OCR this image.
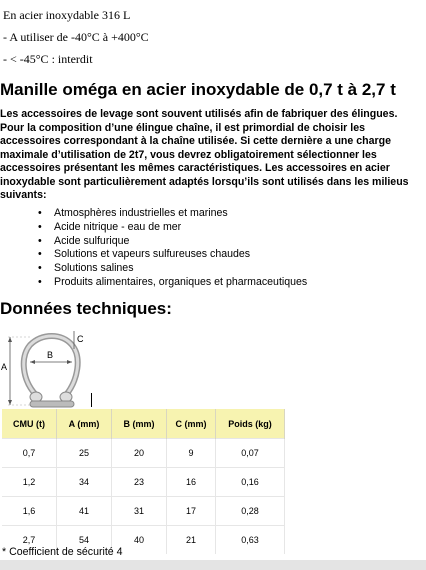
En acier inoxydable 316 L
- A utiliser de -40°C à +400°C
- < -45°C : interdit
Manille oméga en acier inoxydable de 0,7 t à 2,7 t
Les accessoires de levage sont souvent utilisés afin de fabriquer des élingues. Pour la composition d’une élingue chaîne, il est primordial de choisir les accessoires correspondant à la chaîne utilisée. Si cette dernière a une charge maximale d’utilisation de 2t7, vous devrez obligatoirement sélectionner les accessoires présentant les mêmes caractéristiques. Les accessoires en acier inoxydable sont particulièrement adaptés lorsqu’ils sont utilisés dans les milieus suivants:
• Atmosphères industrielles et marines
• Acide nitrique - eau de mer
• Acide sulfurique
• Solutions et vapeurs sulfureuses chaudes
• Solutions salines
• Produits alimentaires, organiques et pharmaceutiques
Données techniques:
B
C
A
CMU (t)	A (mm)	B (mm)	C (mm)	Poids (kg)
0,7	25	20	9	0,07
1,2	34	23	16	0,16
1,6	41	31	17	0,28
2,7	54	40	21	0,63
* Coefficient de sécurité 4
